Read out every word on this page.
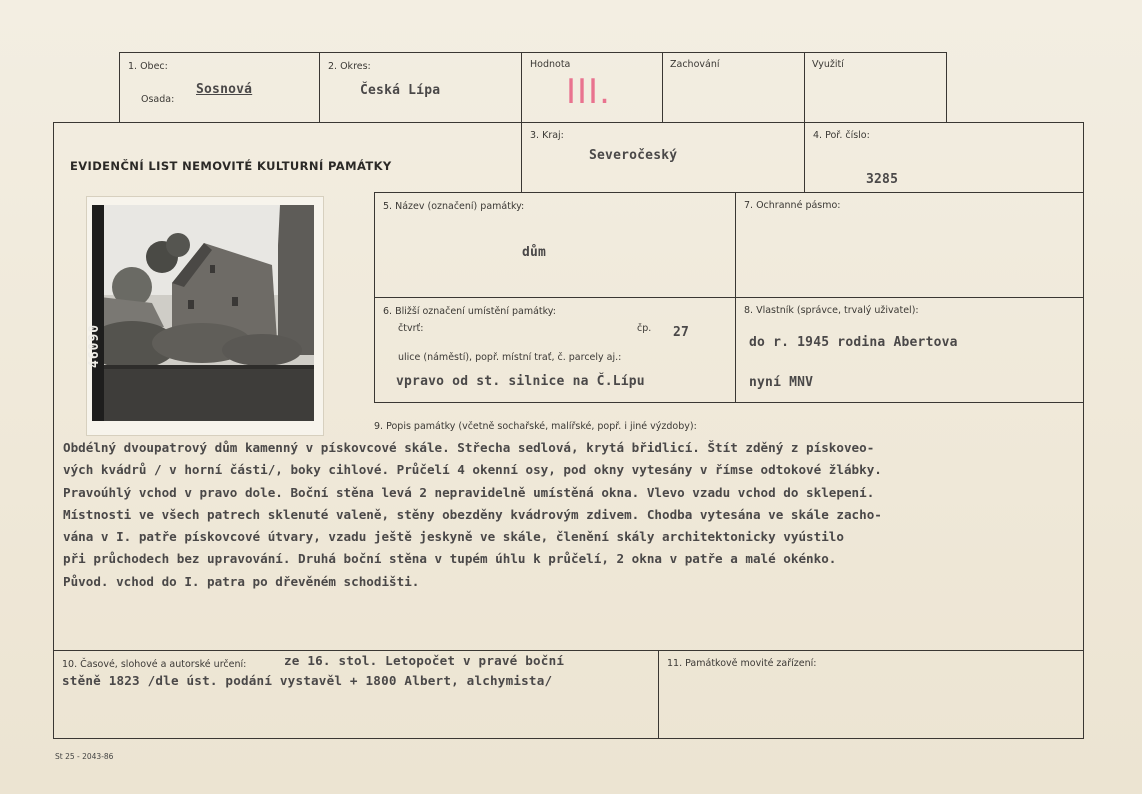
1. Obec:
Osada:
Sosnová
2. Okres:
Česká Lípa
Hodnota
III.
Zachování	Využití
EVIDENČNÍ LIST NEMOVITÉ KULTURNÍ PAMÁTKY
3. Kraj:
Severočeský
4. Poř. číslo:
3285
46090
5. Název (označení) památky:
dům
7. Ochranné pásmo:
6. Bližší označení umístění památky:
čtvrť:	čp. 27
ulice (náměstí), popř. místní trať, č. parcely aj.:
vpravo od st. silnice na Č.Lípu
8. Vlastník (správce, trvalý uživatel):
do r. 1945 rodina Abertova
nyní MNV
9. Popis památky (včetně sochařské, malířské, popř. i jiné výzdoby):
Obdélný dvoupatrový dům kamenný v pískovcové skále. Střecha sedlová, krytá břidlicí. Štít zděný z pískoveo-
vých kvádrů / v horní části/, boky cihlové. Průčelí 4 okenní osy, pod okny vytesány v římse odtokové žlábky.
Pravoúhlý vchod v pravo dole. Boční stěna levá 2 nepravidelně umístěná okna. Vlevo vzadu vchod do sklepení.
Místnosti ve všech patrech sklenuté valeně, stěny obezděny kvádrovým zdivem. Chodba vytesána ve skále zacho-
vána v I. patře pískovcové útvary, vzadu ještě jeskyně ve skále, členění skály architektonicky vyústilo
při průchodech bez upravování. Druhá boční stěna v tupém úhlu k průčelí, 2 okna v patře a malé okénko.
Původ. vchod do I. patra po dřevěném schodišti.
10. Časové, slohové a autorské určení:	ze 16. stol. Letopočet v pravé boční
stěně 1823 /dle úst. podání vystavěl + 1800 Albert, alchymista/
11. Památkově movité zařízení:
St 25 - 2043-86
